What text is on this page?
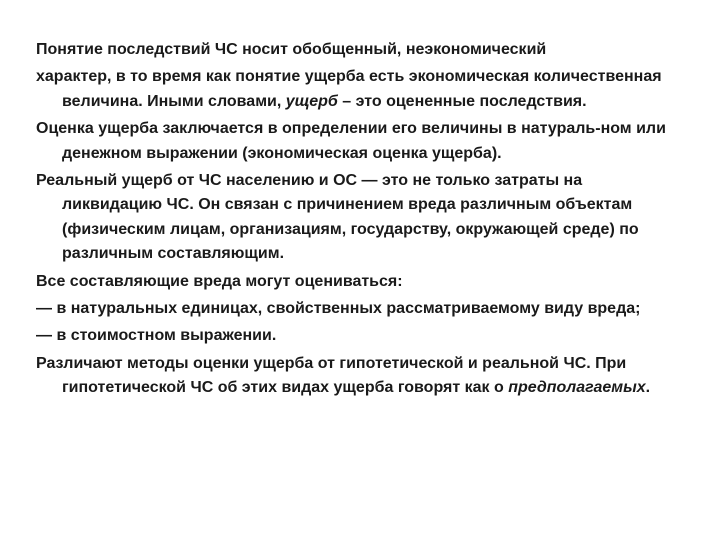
Понятие последствий ЧС носит обобщенный, неэкономический

характер, в то время как понятие ущерба есть экономическая количественная величина. Иными словами, ущерб – это оцененные последствия.

Оценка ущерба заключается в определении его величины в натураль-ном или денежном выражении (экономическая оценка ущерба).

Реальный ущерб от ЧС населению и ОС — это не только затраты на ликвидацию ЧС. Он связан с причинением вреда различным объектам (физическим лицам, организациям, государству, окружающей среде) по различным составляющим.

Все составляющие вреда могут оцениваться:

— в натуральных единицах, свойственных рассматриваемому виду вреда;

— в стоимостном выражении.

Различают методы оценки ущерба от гипотетической и реальной ЧС. При гипотетической ЧС об этих видах ущерба говорят как о предполагаемых.
